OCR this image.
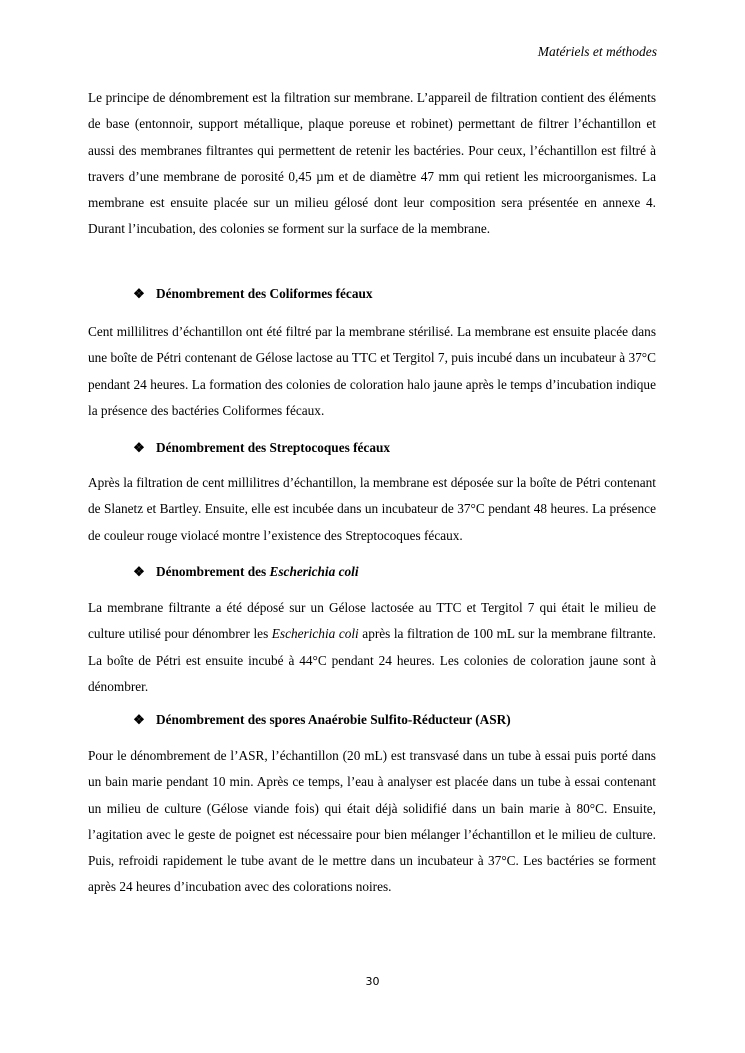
Matériels et méthodes

Le principe de dénombrement est la filtration sur membrane. L’appareil de filtration contient des éléments de base (entonnoir, support métallique, plaque poreuse et robinet) permettant de filtrer l’échantillon et aussi des membranes filtrantes qui permettent de retenir les bactéries. Pour ceux, l’échantillon est filtré à travers d’une membrane de porosité 0,45 µm et de diamètre 47 mm qui retient les microorganismes. La membrane est ensuite placée sur un milieu gélosé dont leur composition sera présentée en annexe 4. Durant l’incubation, des colonies se forment sur la surface de la membrane.

❖ Dénombrement des Coliformes fécaux

Cent millilitres d’échantillon ont été filtré par la membrane stérilisé. La membrane est ensuite placée dans une boîte de Pétri contenant de Gélose lactose au TTC et Tergitol 7, puis incubé dans un incubateur à 37°C pendant 24 heures. La formation des colonies de coloration halo jaune après le temps d’incubation indique la présence des bactéries Coliformes fécaux.

❖ Dénombrement des Streptocoques fécaux

Après la filtration de cent millilitres d’échantillon, la membrane est déposée sur la boîte de Pétri contenant de Slanetz et Bartley. Ensuite, elle est incubée dans un incubateur de 37°C pendant 48 heures. La présence de couleur rouge violacé montre l’existence des Streptocoques fécaux.

❖ Dénombrement des Escherichia coli

La membrane filtrante a été déposé sur un Gélose lactosée au TTC et Tergitol 7 qui était le milieu de culture utilisé pour dénombrer les Escherichia coli après la filtration de 100 mL sur la membrane filtrante. La boîte de Pétri est ensuite incubé à 44°C pendant 24 heures. Les colonies de coloration jaune sont à dénombrer.

❖ Dénombrement des spores Anaérobie Sulfito-Réducteur (ASR)

Pour le dénombrement de l’ASR, l’échantillon (20 mL) est transvasé dans un tube à essai puis porté dans un bain marie pendant 10 min. Après ce temps, l’eau à analyser est placée dans un tube à essai contenant un milieu de culture (Gélose viande fois) qui était déjà solidifié dans un bain marie à 80°C. Ensuite, l’agitation avec le geste de poignet est nécessaire pour bien mélanger l’échantillon et le milieu de culture. Puis, refroidi rapidement le tube avant de le mettre dans un incubateur à 37°C. Les bactéries se forment après 24 heures d’incubation avec des colorations noires.

30
